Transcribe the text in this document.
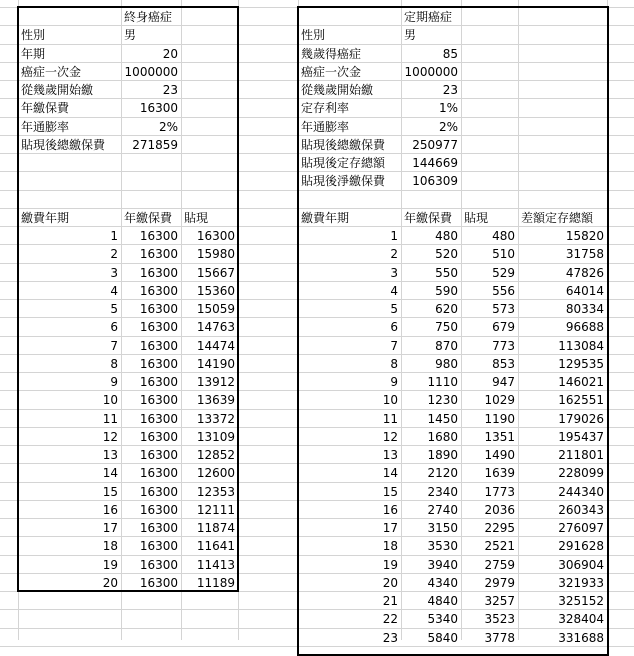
終身癌症
性別	男
年期	20
癌症一次金	1000000
從幾歲開始繳	23
年繳保費	16300
年通膨率	2%
貼現後總繳保費	271859
繳費年期	年繳保費 貼現
1	16300	16300
2	16300	15980
3	16300	15667
4	16300	15360
5	16300	15059
6	16300	14763
7	16300	14474
8	16300	14190
9	16300	13912
10	16300	13639
11	16300	13372
12	16300	13109
13	16300	12852
14	16300	12600
15	16300	12353
16	16300	12111
17	16300	11874
18	16300	11641
19	16300	11413
20	16300	11189
定期癌症
性別	男
幾歲得癌症	85
癌症一次金	1000000
從幾歲開始繳	23
定存利率	1%
年通膨率	2%
貼現後總繳保費	250977
貼現後定存總額	144669
貼現後淨繳保費	106309
繳費年期	年繳保費 貼現	差額定存總額
1	480	480	15820
2	520	510	31758
3	550	529	47826
4	590	556	64014
5	620	573	80334
6	750	679	96688
7	870	773	113084
8	980	853	129535
9	1110	947	146021
10	1230	1029	162551
11	1450	1190	179026
12	1680	1351	195437
13	1890	1490	211801
14	2120	1639	228099
15	2340	1773	244340
16	2740	2036	260343
17	3150	2295	276097
18	3530	2521	291628
19	3940	2759	306904
20	4340	2979	321933
21	4840	3257	325152
22	5340	3523	328404
23	5840	3778	331688
